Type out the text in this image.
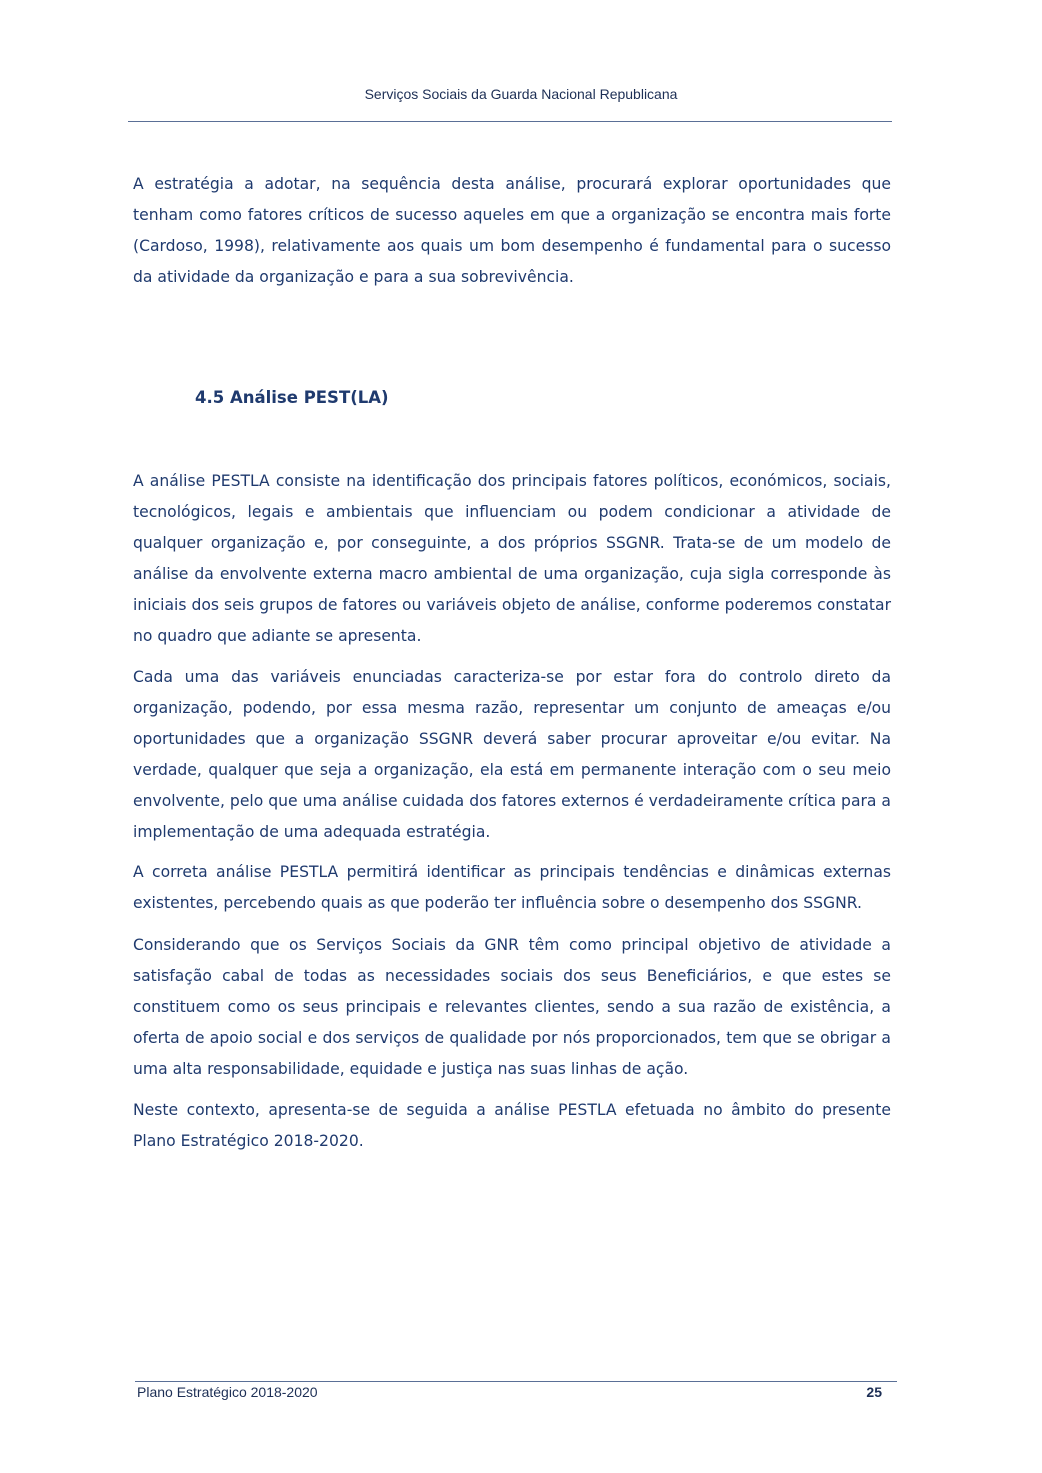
Serviços Sociais da Guarda Nacional Republicana

A estratégia a adotar, na sequência desta análise, procurará explorar oportunidades que tenham como fatores críticos de sucesso aqueles em que a organização se encontra mais forte (Cardoso, 1998), relativamente aos quais um bom desempenho é fundamental para o sucesso da atividade da organização e para a sua sobrevivência.

4.5 Análise PEST(LA)

A análise PESTLA consiste na identificação dos principais fatores políticos, económicos, sociais, tecnológicos, legais e ambientais que influenciam ou podem condicionar a atividade de qualquer organização e, por conseguinte, a dos próprios SSGNR. Trata-se de um modelo de análise da envolvente externa macro ambiental de uma organização, cuja sigla corresponde às iniciais dos seis grupos de fatores ou variáveis objeto de análise, conforme poderemos constatar no quadro que adiante se apresenta.

Cada uma das variáveis enunciadas caracteriza-se por estar fora do controlo direto da organização, podendo, por essa mesma razão, representar um conjunto de ameaças e/ou oportunidades que a organização SSGNR deverá saber procurar aproveitar e/ou evitar. Na verdade, qualquer que seja a organização, ela está em permanente interação com o seu meio envolvente, pelo que uma análise cuidada dos fatores externos é verdadeiramente crítica para a implementação de uma adequada estratégia.

A correta análise PESTLA permitirá identificar as principais tendências e dinâmicas externas existentes, percebendo quais as que poderão ter influência sobre o desempenho dos SSGNR.

Considerando que os Serviços Sociais da GNR têm como principal objetivo de atividade a satisfação cabal de todas as necessidades sociais dos seus Beneficiários, e que estes se constituem como os seus principais e relevantes clientes, sendo a sua razão de existência, a oferta de apoio social e dos serviços de qualidade por nós proporcionados, tem que se obrigar a uma alta responsabilidade, equidade e justiça nas suas linhas de ação.

Neste contexto, apresenta-se de seguida a análise PESTLA efetuada no âmbito do presente Plano Estratégico 2018-2020.

Plano Estratégico 2018-2020	25
